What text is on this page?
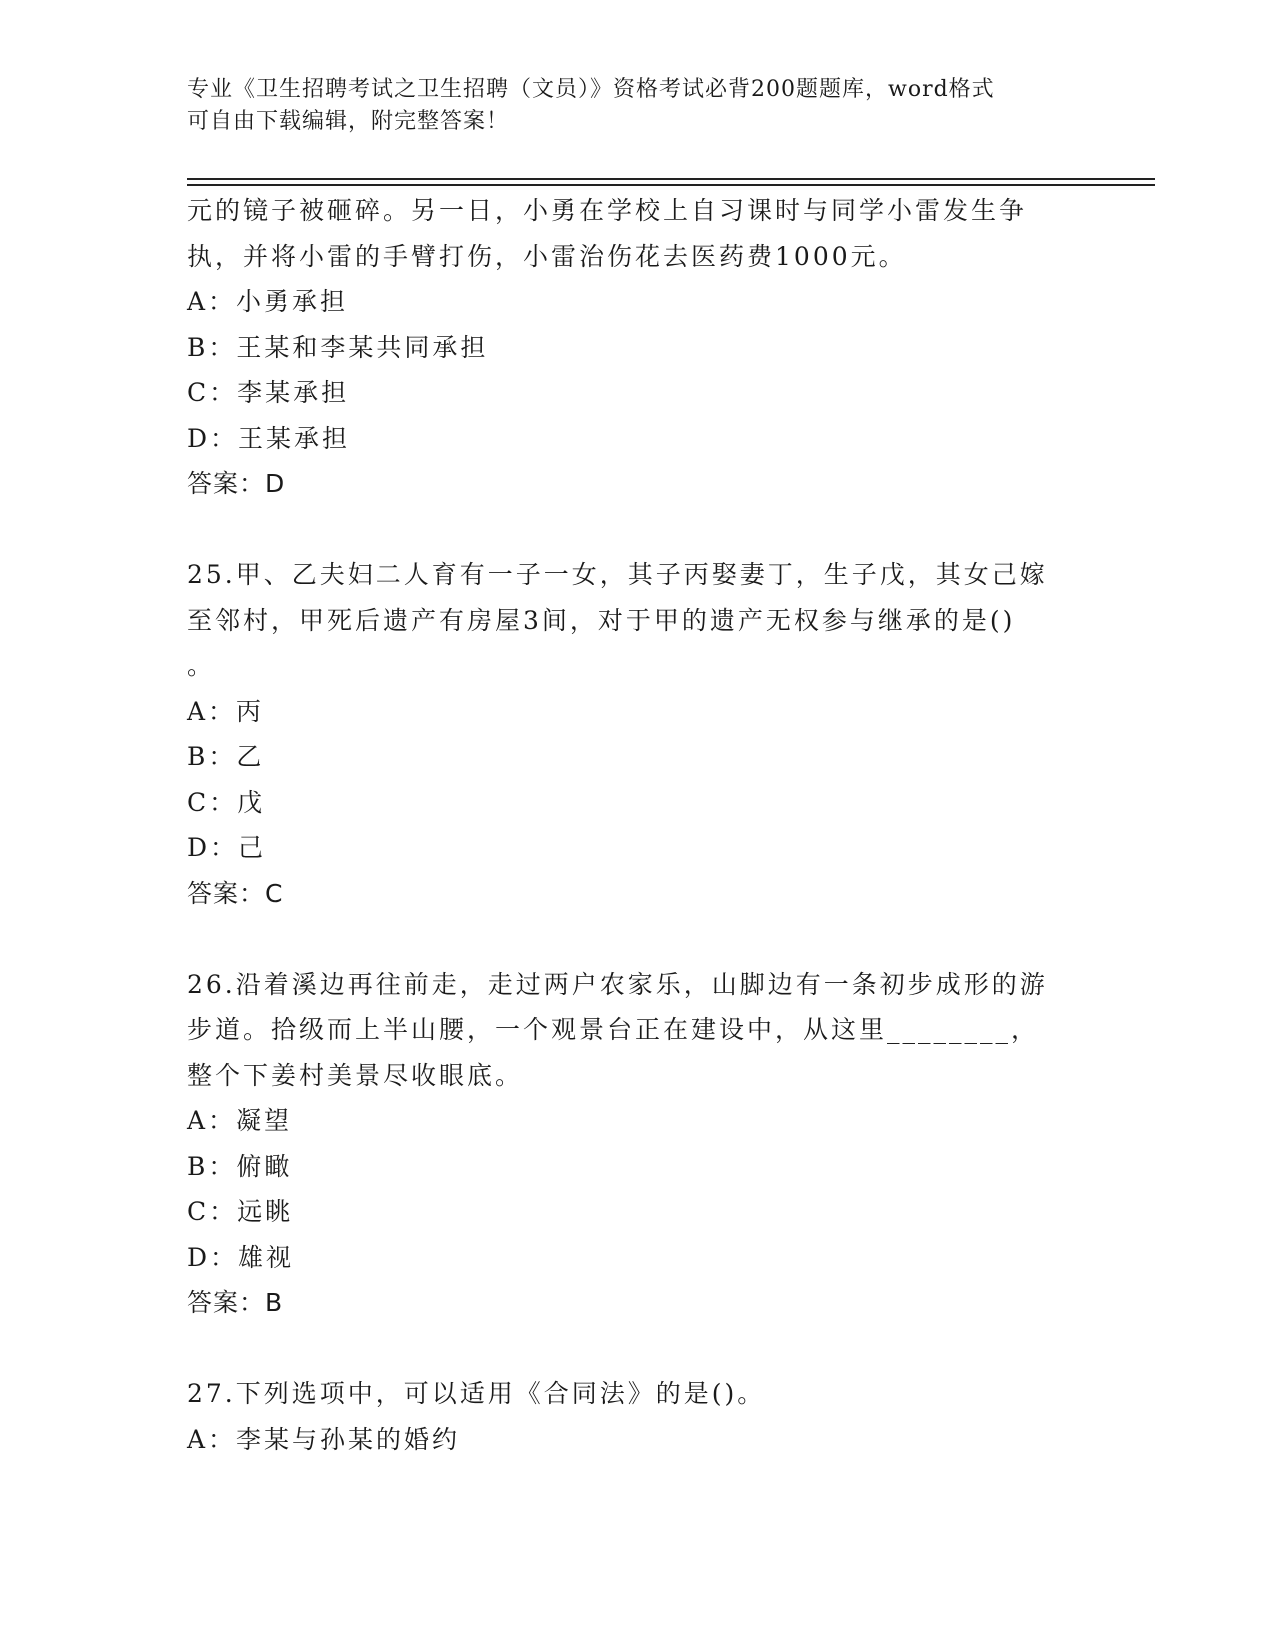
专业《卫生招聘考试之卫生招聘（文员）》资格考试必背200题题库，word格式
可自由下载编辑，附完整答案！
元的镜子被砸碎。另一日，小勇在学校上自习课时与同学小雷发生争
执，并将小雷的手臂打伤，小雷治伤花去医药费1000元。
A：小勇承担
B：王某和李某共同承担
C：李某承担
D：王某承担
答案：D
25.甲、乙夫妇二人育有一子一女，其子丙娶妻丁，生子戊，其女己嫁
至邻村，甲死后遗产有房屋3间，对于甲的遗产无权参与继承的是()
。
A：丙
B：乙
C：戊
D：己
答案：C
26.沿着溪边再往前走，走过两户农家乐，山脚边有一条初步成形的游
步道。拾级而上半山腰，一个观景台正在建设中，从这里________，
整个下姜村美景尽收眼底。
A：凝望
B：俯瞰
C：远眺
D：雄视
答案：B
27.下列选项中，可以适用《合同法》的是()。
A：李某与孙某的婚约
